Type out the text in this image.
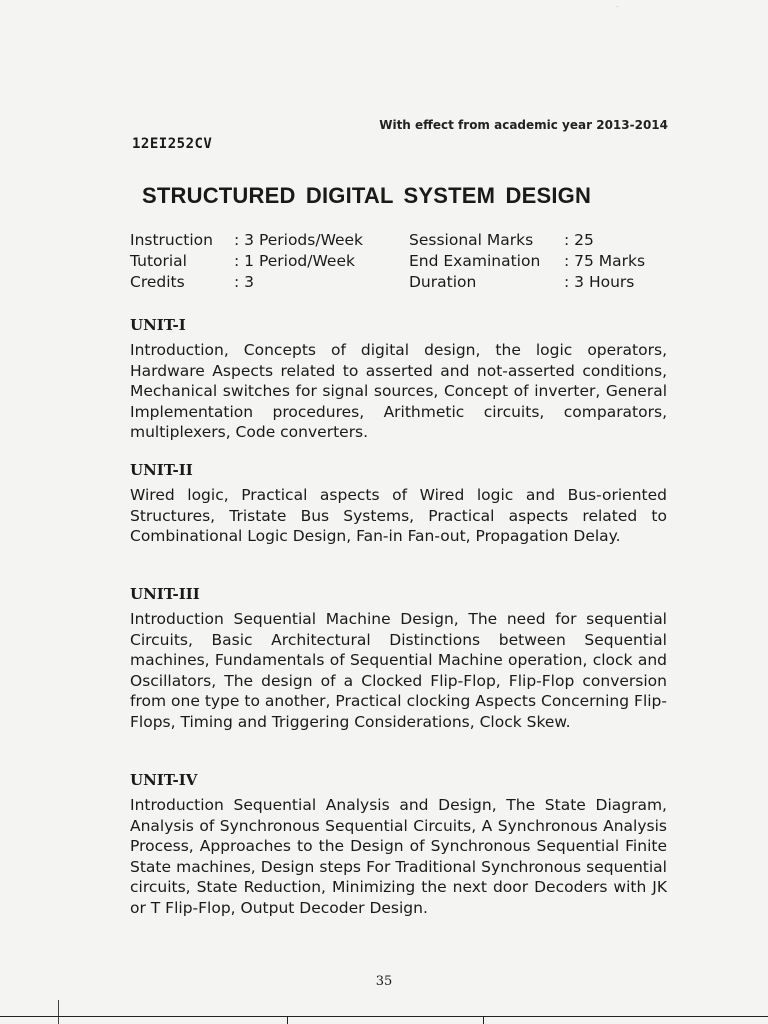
·
With effect from academic year 2013-2014
12EI252CV
STRUCTURED DIGITAL SYSTEM DESIGN
Instruction	: 3 Periods/Week	Sessional Marks	: 25
Tutorial	: 1 Period/Week	End Examination	: 75 Marks
Credits	: 3	Duration	: 3 Hours
UNIT-I

Introduction, Concepts of digital design, the logic operators, Hardware Aspects related to asserted and not-asserted conditions, Mechanical switches for signal sources, Concept of inverter, General Implementation procedures, Arithmetic circuits, comparators, multiplexers, Code converters.

UNIT-II

Wired logic, Practical aspects of Wired logic and Bus-oriented Structures, Tristate Bus Systems, Practical aspects related to Combinational Logic Design, Fan-in Fan-out, Propagation Delay.

UNIT-III

Introduction Sequential Machine Design, The need for sequential Circuits, Basic Architectural Distinctions between Sequential machines, Fundamentals of Sequential Machine operation, clock and Oscillators, The design of a Clocked Flip-Flop, Flip-Flop conversion from one type to another, Practical clocking Aspects Concerning Flip-Flops, Timing and Triggering Considerations, Clock Skew.

UNIT-IV

Introduction Sequential Analysis and Design, The State Diagram, Analysis of Synchronous Sequential Circuits, A Synchronous Analysis Process, Approaches to the Design of Synchronous Sequential Finite State machines, Design steps For Traditional Synchronous sequential circuits, State Reduction, Minimizing the next door Decoders with JK or T Flip-Flop, Output Decoder Design.

35
